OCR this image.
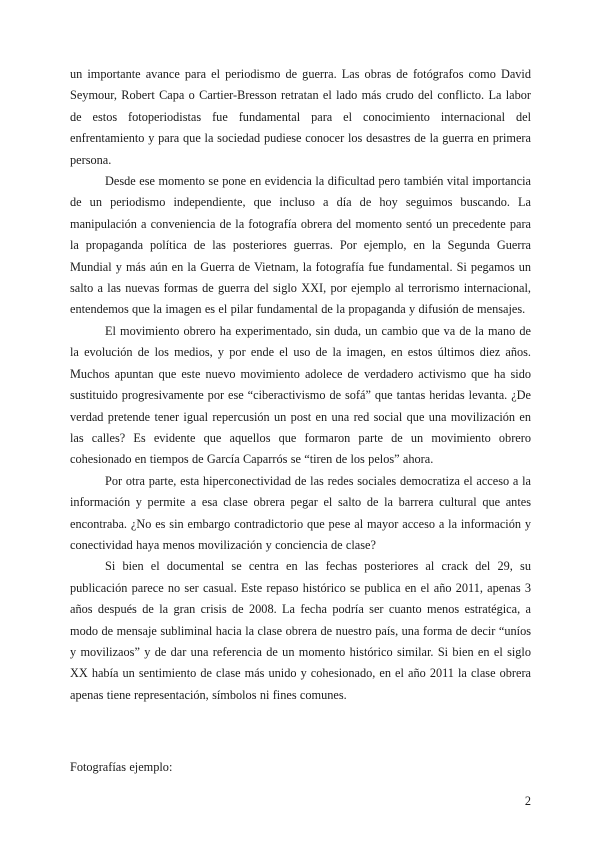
un importante avance para el periodismo de guerra. Las obras de fotógrafos como David Seymour, Robert Capa o Cartier-Bresson retratan el lado más crudo del conflicto. La labor de estos fotoperiodistas fue fundamental para el conocimiento internacional del enfrentamiento y para que la sociedad pudiese conocer los desastres de la guerra en primera persona.

Desde ese momento se pone en evidencia la dificultad pero también vital importancia de un periodismo independiente, que incluso a día de hoy seguimos buscando. La manipulación a conveniencia de la fotografía obrera del momento sentó un precedente para la propaganda política de las posteriores guerras. Por ejemplo, en la Segunda Guerra Mundial y más aún en la Guerra de Vietnam, la fotografía fue fundamental. Si pegamos un salto a las nuevas formas de guerra del siglo XXI, por ejemplo al terrorismo internacional, entendemos que la imagen es el pilar fundamental de la propaganda y difusión de mensajes.

El movimiento obrero ha experimentado, sin duda, un cambio que va de la mano de la evolución de los medios, y por ende el uso de la imagen, en estos últimos diez años. Muchos apuntan que este nuevo movimiento adolece de verdadero activismo que ha sido sustituido progresivamente por ese “ciberactivismo de sofá” que tantas heridas levanta. ¿De verdad pretende tener igual repercusión un post en una red social que una movilización en las calles? Es evidente que aquellos que formaron parte de un movimiento obrero cohesionado en tiempos de García Caparrós se “tiren de los pelos” ahora.

Por otra parte, esta hiperconectividad de las redes sociales democratiza el acceso a la información y permite a esa clase obrera pegar el salto de la barrera cultural que antes encontraba. ¿No es sin embargo contradictorio que pese al mayor acceso a la información y conectividad haya menos movilización y conciencia de clase?

Si bien el documental se centra en las fechas posteriores al crack del 29, su publicación parece no ser casual. Este repaso histórico se publica en el año 2011, apenas 3 años después de la gran crisis de 2008. La fecha podría ser cuanto menos estratégica, a modo de mensaje subliminal hacia la clase obrera de nuestro país, una forma de decir “uníos y movilizaos” y de dar una referencia de un momento histórico similar. Si bien en el siglo XX había un sentimiento de clase más unido y cohesionado, en el año 2011 la clase obrera apenas tiene representación, símbolos ni fines comunes.

Fotografías ejemplo:

2
